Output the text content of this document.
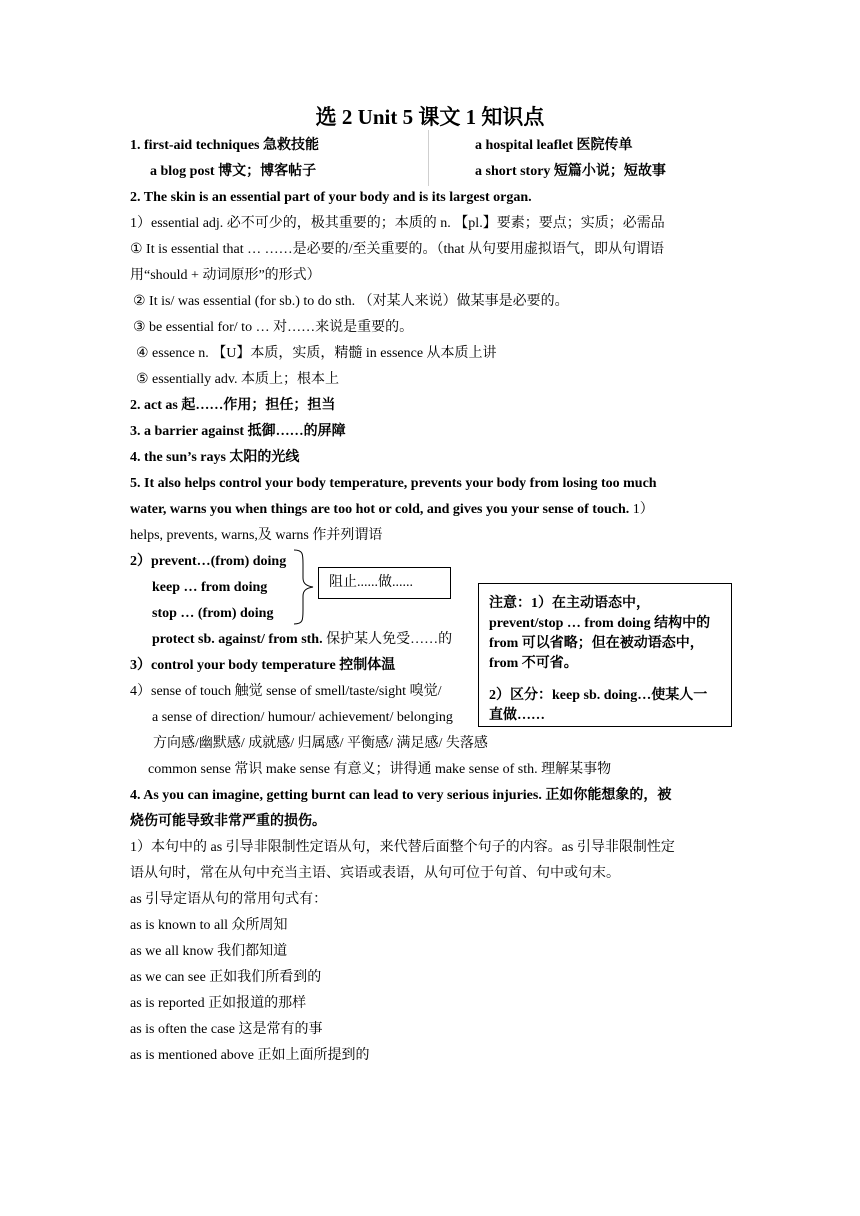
选 2 Unit 5 课文 1 知识点
1. first-aid techniques 急救技能	a hospital leaflet 医院传单
a blog post 博文；博客帖子	a short story 短篇小说；短故事
2. The skin is an essential part of your body and is its largest organ.
1）essential adj. 必不可少的，极其重要的；本质的 n. 【pl.】要素；要点；实质；必需品
① It is essential that … ……是必要的/至关重要的。（that 从句要用虚拟语气，即从句谓语
用“should + 动词原形”的形式）
② It is/ was essential (for sb.) to do sth. （对某人来说）做某事是必要的。
③ be essential for/ to … 对……来说是重要的。
④ essence n. 【U】本质，实质，精髓 in essence 从本质上讲
⑤ essentially adv. 本质上；根本上
2. act as 起……作用；担任；担当
3. a barrier against 抵御……的屏障
4. the sun’s rays 太阳的光线
5. It also helps control your body temperature, prevents your body from losing too much
water, warns you when things are too hot or cold, and gives you your sense of touch. 1）
helps, prevents, warns,及 warns 作并列谓语
2）prevent…(from) doing
keep … from doing
stop … (from) doing
protect sb. against/ from sth. 保护某人免受……的
阻止......做......
3）control your body temperature 控制体温
4）sense of touch 触觉 sense of smell/taste/sight 嗅觉/
a sense of direction/ humour/ achievement/ belonging
方向感/幽默感/ 成就感/ 归属感/ 平衡感/ 满足感/ 失落感
common sense 常识 make sense 有意义；讲得通 make sense of sth. 理解某事物

注意：1）在主动语态中，prevent/stop … from doing 结构中的 from 可以省略；但在被动语态中，from 不可省。

2）区分：keep sb. doing…使某人一直做……

4. As you can imagine, getting burnt can lead to very serious injuries. 正如你能想象的，被
烧伤可能导致非常严重的损伤。
1）本句中的 as 引导非限制性定语从句，来代替后面整个句子的内容。as 引导非限制性定
语从句时，常在从句中充当主语、宾语或表语，从句可位于句首、句中或句末。
as 引导定语从句的常用句式有：
as is known to all 众所周知
as we all know 我们都知道
as we can see 正如我们所看到的
as is reported 正如报道的那样
as is often the case 这是常有的事
as is mentioned above 正如上面所提到的
